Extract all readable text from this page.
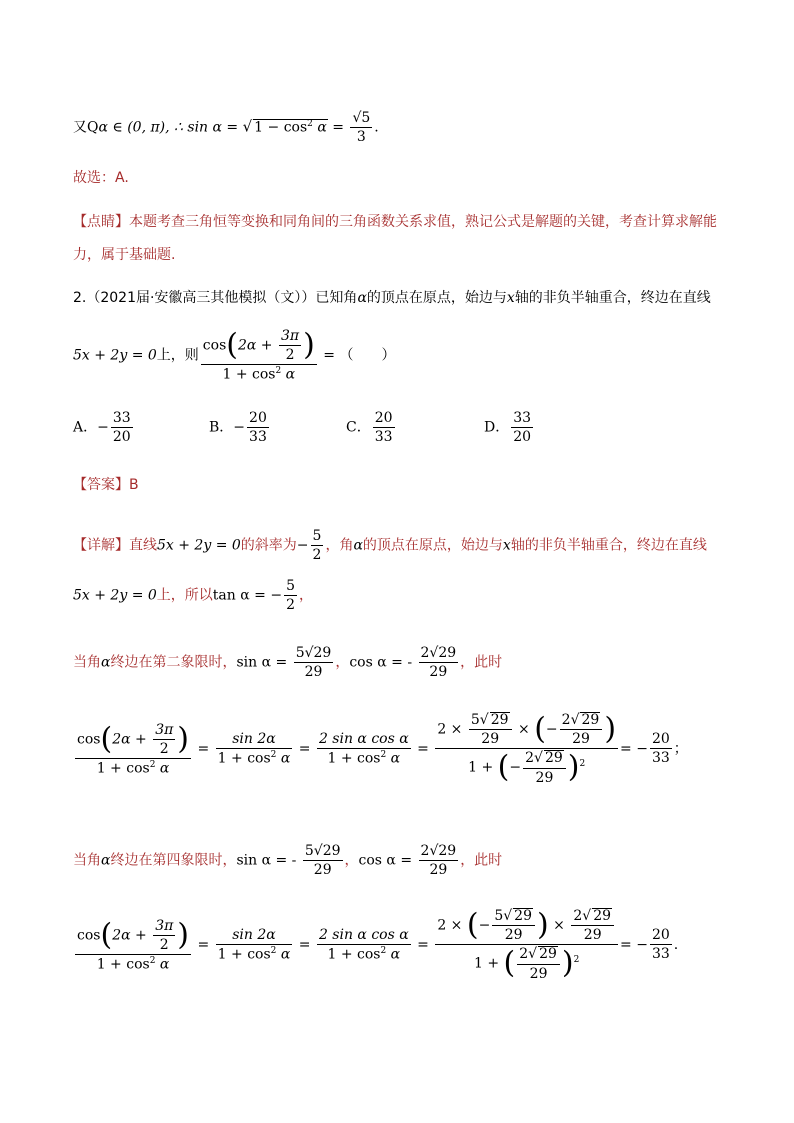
又Qα ∈ (0, π), ∴ sin α = √ $1 - \cos^2 \alpha = \frac{√5}{3}$ .
故选：A.
【点睛】本题考查三角恒等变换和同角间的三角函数关系求值，熟记公式是解题的关键，考查计算求解能
力，属于基础题.
2.（2021届·安徽高三其他模拟（文））已知角α的顶点在原点，始边与x轴的非负半轴重合，终边在直线
5x + 2y = 0上，则 $\frac{\cos(2\alpha + \frac{3\pi}{2} )}{1 + \cos^2 \alpha}$ = （　　）
A．− $\frac{33}{20}$	B．− $\frac{20}{33}$	C． $\frac{20}{33}$	D． $\frac{33}{20}$
【答案】B
【详解】直线5x + 2y = 0的斜率为− $\frac{5}{2}$ ，角α的顶点在原点，始边与x轴的非负半轴重合，终边在直线
5x + 2y = 0上，所以tan α = − $\frac{5}{2}$ ，
当角α终边在第二象限时，$\sin \alpha = \frac{5√29}{29}$ ，cos α = - $\frac{2√29}{29}$ ，此时
$\frac{\cos(2\alpha + \frac{3\pi}{2} )}{1 + \cos^2 \alpha} = \frac{\sin 2\alpha}{1 + \cos^2 \alpha} = \frac{\text{2 sin α cos α}}{1 + \cos^2 \alpha} = \frac{2 \times \frac{5√ 29}{29} \times (- \frac{2√ 29}{29} )}{1 + (- \frac{2√ 29}{29} )^2}$ = − $\frac{20}{33}$ ；
当角α终边在第四象限时，sin α = - $\frac{5√29}{29}$ ，$\cos \alpha = \frac{2√29}{29}$ ，此时
$\frac{\cos(2\alpha + \frac{3\pi}{2} )}{1 + \cos^2 \alpha} = \frac{\sin 2\alpha}{1 + \cos^2 \alpha} = \frac{\text{2 sin α cos α}}{1 + \cos^2 \alpha} = \frac{2 \times (- \frac{5√ 29}{29} ) \times \frac{2√ 29}{29}}{1 + ( \frac{2√ 29}{29} )^2}$ = − $\frac{20}{33}$ .
